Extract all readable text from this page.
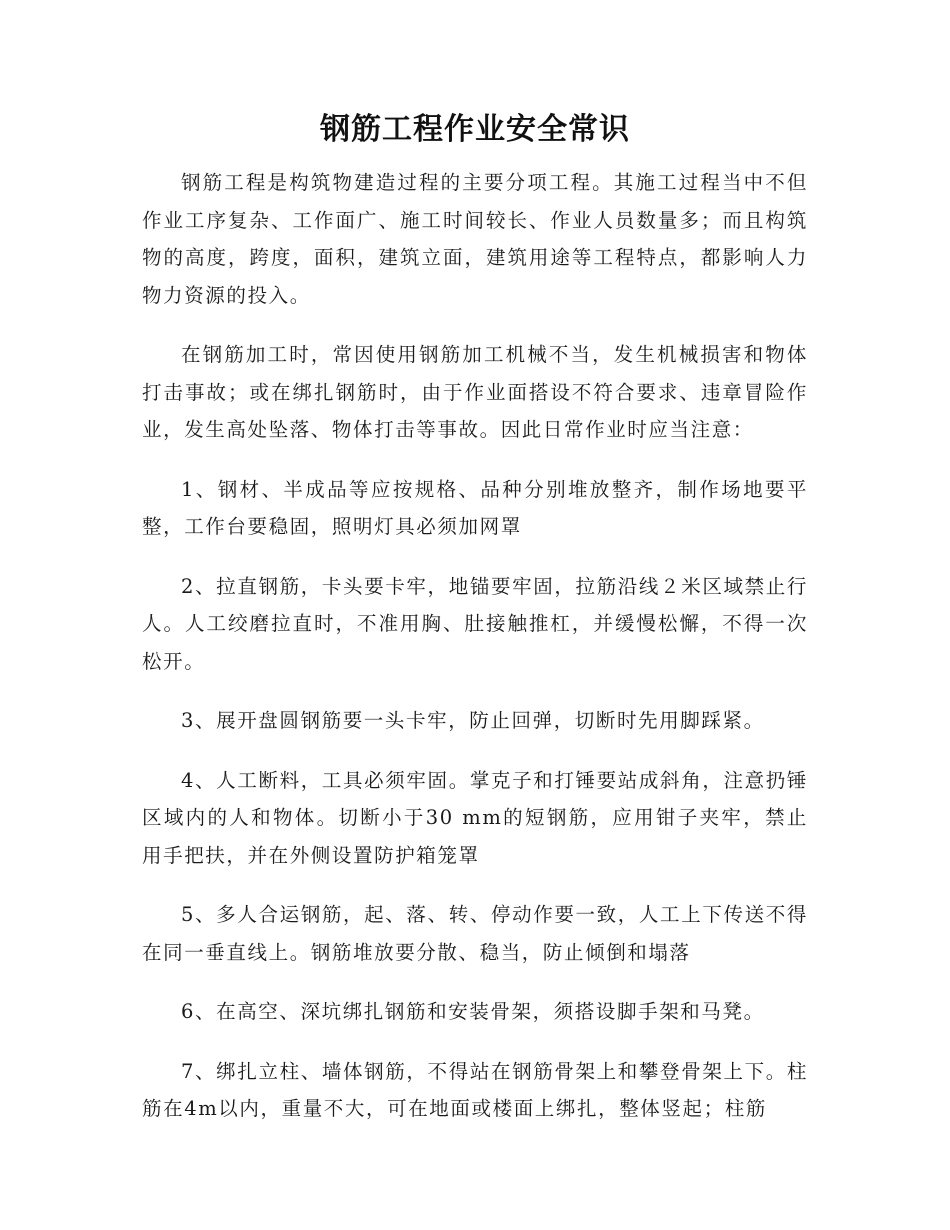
钢筋工程作业安全常识

钢筋工程是构筑物建造过程的主要分项工程。其施工过程当中不但作业工序复杂、工作面广、施工时间较长、作业人员数量多；而且构筑物的高度，跨度，面积，建筑立面，建筑用途等工程特点，都影响人力物力资源的投入。

在钢筋加工时，常因使用钢筋加工机械不当，发生机械损害和物体打击事故；或在绑扎钢筋时，由于作业面搭设不符合要求、违章冒险作业，发生高处坠落、物体打击等事故。因此日常作业时应当注意：

1、钢材、半成品等应按规格、品种分别堆放整齐，制作场地要平整，工作台要稳固，照明灯具必须加网罩

2、拉直钢筋，卡头要卡牢，地锚要牢固，拉筋沿线２米区域禁止行人。人工绞磨拉直时，不准用胸、肚接触推杠，并缓慢松懈，不得一次松开。

3、展开盘圆钢筋要一头卡牢，防止回弹，切断时先用脚踩紧。

4、人工断料，工具必须牢固。掌克子和打锤要站成斜角，注意扔锤区域内的人和物体。切断小于30 mm的短钢筋，应用钳子夹牢，禁止用手把扶，并在外侧设置防护箱笼罩

5、多人合运钢筋，起、落、转、停动作要一致，人工上下传送不得在同一垂直线上。钢筋堆放要分散、稳当，防止倾倒和塌落

6、在高空、深坑绑扎钢筋和安装骨架，须搭设脚手架和马凳。

7、绑扎立柱、墙体钢筋，不得站在钢筋骨架上和攀登骨架上下。柱筋在4m以内，重量不大，可在地面或楼面上绑扎，整体竖起；柱筋
